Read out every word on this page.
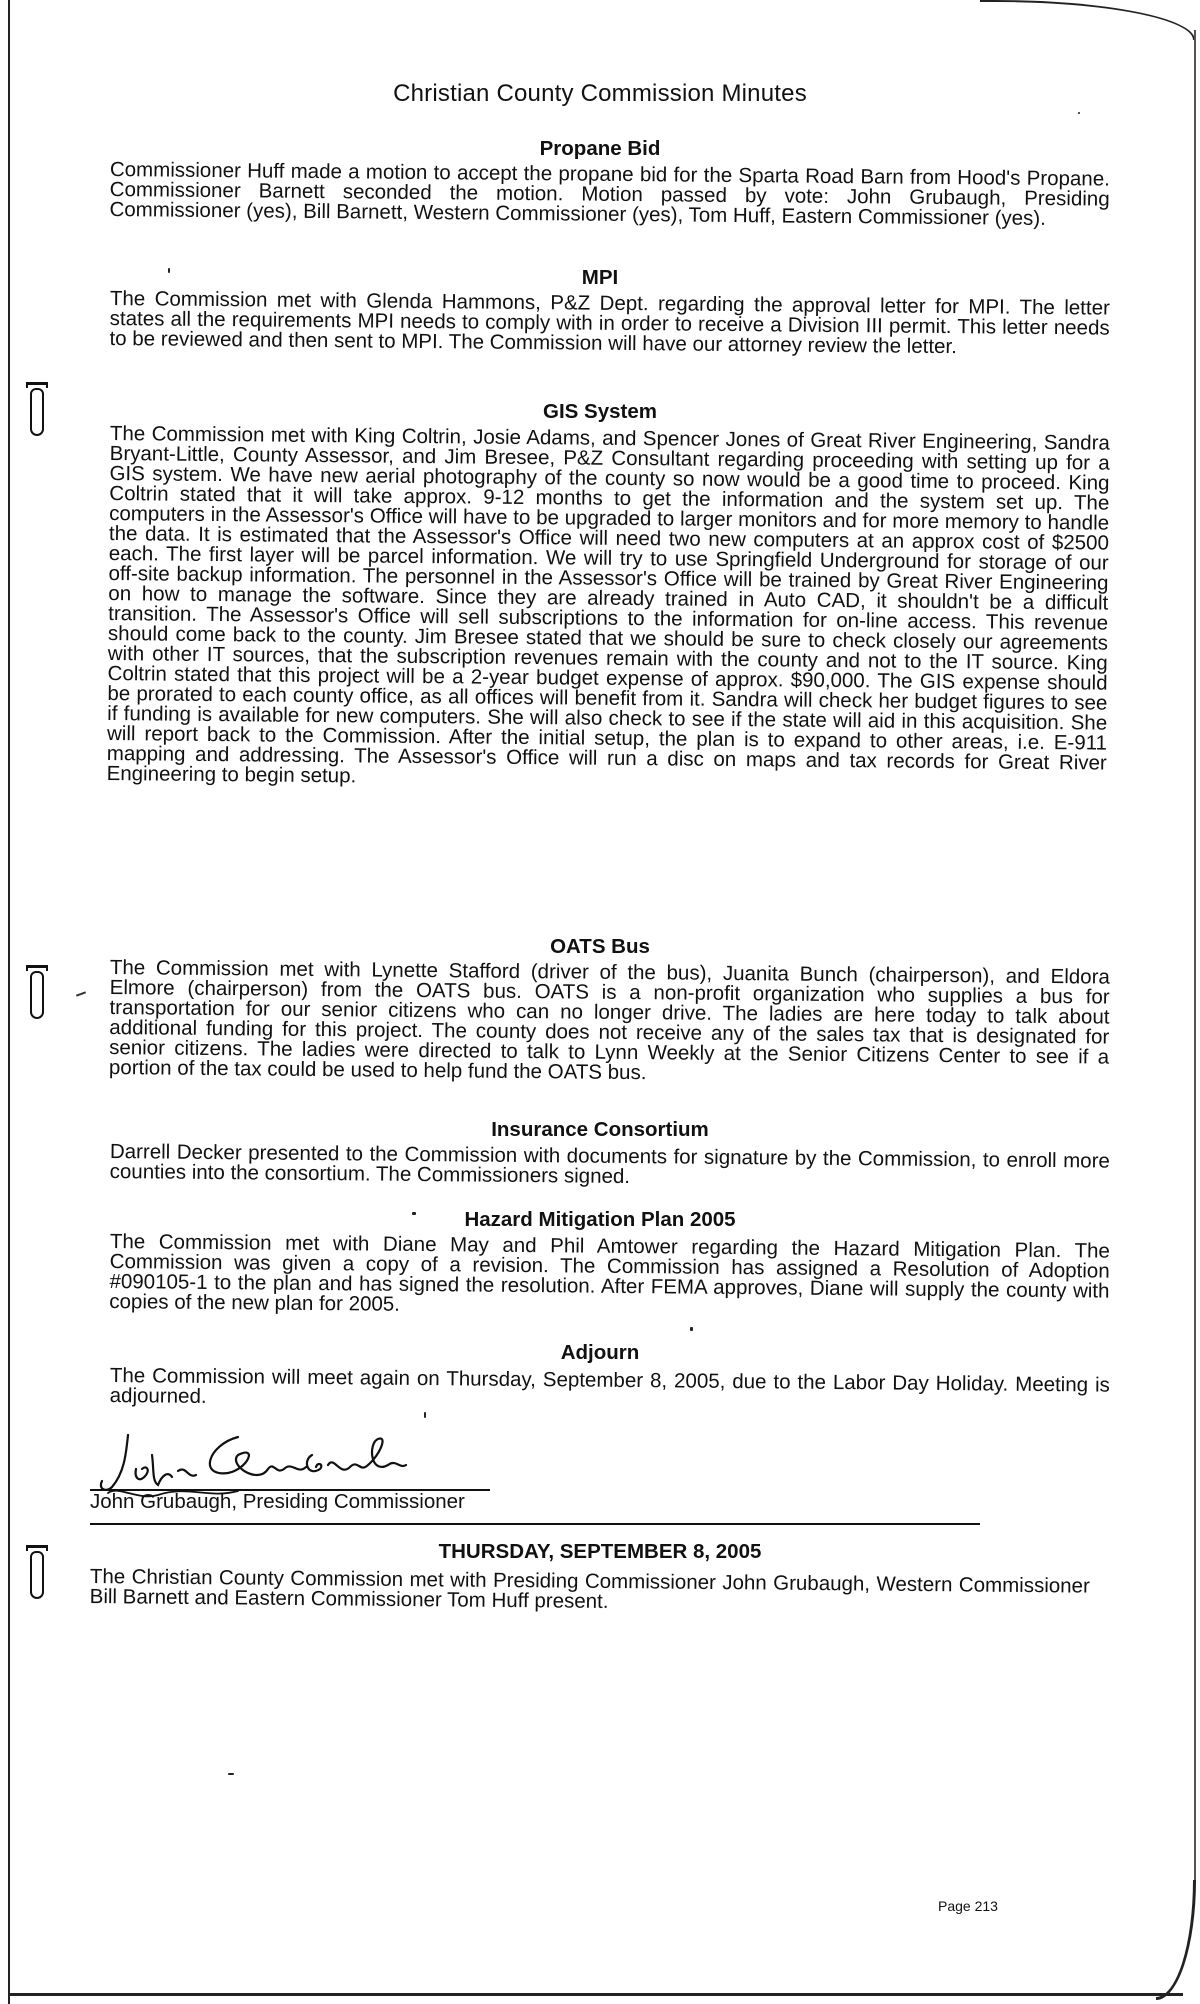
Christian County Commission Minutes
Propane Bid
Commissioner Huff made a motion to accept the propane bid for the Sparta Road Barn from Hood's Propane. Commissioner Barnett seconded the motion. Motion passed by vote: John Grubaugh, Presiding Commissioner (yes), Bill Barnett, Western Commissioner (yes), Tom Huff, Eastern Commissioner (yes).
MPI
The Commission met with Glenda Hammons, P&Z Dept. regarding the approval letter for MPI. The letter states all the requirements MPI needs to comply with in order to receive a Division III permit. This letter needs to be reviewed and then sent to MPI. The Commission will have our attorney review the letter.
GIS System
The Commission met with King Coltrin, Josie Adams, and Spencer Jones of Great River Engineering, Sandra Bryant-Little, County Assessor, and Jim Bresee, P&Z Consultant regarding proceeding with setting up for a GIS system. We have new aerial photography of the county so now would be a good time to proceed. King Coltrin stated that it will take approx. 9-12 months to get the information and the system set up. The computers in the Assessor's Office will have to be upgraded to larger monitors and for more memory to handle the data. It is estimated that the Assessor's Office will need two new computers at an approx cost of $2500 each. The first layer will be parcel information. We will try to use Springfield Underground for storage of our off-site backup information. The personnel in the Assessor's Office will be trained by Great River Engineering on how to manage the software. Since they are already trained in Auto CAD, it shouldn't be a difficult transition. The Assessor's Office will sell subscriptions to the information for on-line access. This revenue should come back to the county. Jim Bresee stated that we should be sure to check closely our agreements with other IT sources, that the subscription revenues remain with the county and not to the IT source. King Coltrin stated that this project will be a 2-year budget expense of approx. $90,000. The GIS expense should be prorated to each county office, as all offices will benefit from it. Sandra will check her budget figures to see if funding is available for new computers. She will also check to see if the state will aid in this acquisition. She will report back to the Commission. After the initial setup, the plan is to expand to other areas, i.e. E-911 mapping and addressing. The Assessor's Office will run a disc on maps and tax records for Great River Engineering to begin setup.
OATS Bus
The Commission met with Lynette Stafford (driver of the bus), Juanita Bunch (chairperson), and Eldora Elmore (chairperson) from the OATS bus. OATS is a non-profit organization who supplies a bus for transportation for our senior citizens who can no longer drive. The ladies are here today to talk about additional funding for this project. The county does not receive any of the sales tax that is designated for senior citizens. The ladies were directed to talk to Lynn Weekly at the Senior Citizens Center to see if a portion of the tax could be used to help fund the OATS bus.
Insurance Consortium
Darrell Decker presented to the Commission with documents for signature by the Commission, to enroll more counties into the consortium. The Commissioners signed.
Hazard Mitigation Plan 2005
The Commission met with Diane May and Phil Amtower regarding the Hazard Mitigation Plan. The Commission was given a copy of a revision. The Commission has assigned a Resolution of Adoption #090105-1 to the plan and has signed the resolution. After FEMA approves, Diane will supply the county with copies of the new plan for 2005.
Adjourn
The Commission will meet again on Thursday, September 8, 2005, due to the Labor Day Holiday. Meeting is adjourned.
John Grubaugh, Presiding Commissioner
THURSDAY, SEPTEMBER 8, 2005
The Christian County Commission met with Presiding Commissioner John Grubaugh, Western Commissioner Bill Barnett and Eastern Commissioner Tom Huff present.
Page 213
